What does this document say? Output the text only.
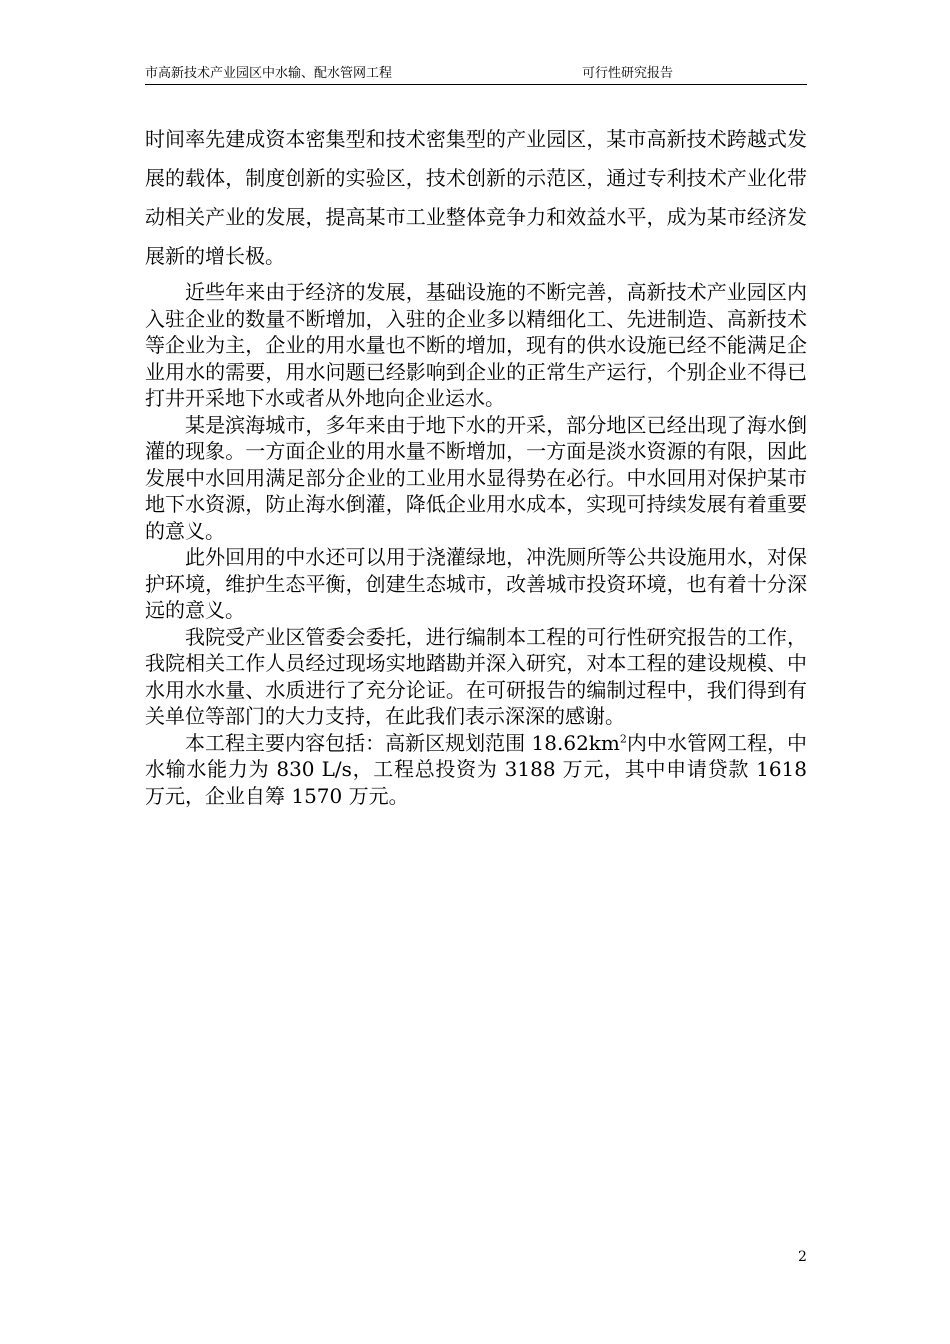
市高新技术产业园区中水输、配水管网工程	可行性研究报告

时间率先建成资本密集型和技术密集型的产业园区，某市高新技术跨越式发展的载体，制度创新的实验区，技术创新的示范区，通过专利技术产业化带动相关产业的发展，提高某市工业整体竞争力和效益水平，成为某市经济发展新的增长极。

近些年来由于经济的发展，基础设施的不断完善，高新技术产业园区内入驻企业的数量不断增加，入驻的企业多以精细化工、先进制造、高新技术等企业为主，企业的用水量也不断的增加，现有的供水设施已经不能满足企业用水的需要，用水问题已经影响到企业的正常生产运行，个别企业不得已打井开采地下水或者从外地向企业运水。

某是滨海城市，多年来由于地下水的开采，部分地区已经出现了海水倒灌的现象。一方面企业的用水量不断增加，一方面是淡水资源的有限，因此发展中水回用满足部分企业的工业用水显得势在必行。中水回用对保护某市地下水资源，防止海水倒灌，降低企业用水成本，实现可持续发展有着重要的意义。

此外回用的中水还可以用于浇灌绿地，冲洗厕所等公共设施用水，对保护环境，维护生态平衡，创建生态城市，改善城市投资环境，也有着十分深远的意义。

我院受产业区管委会委托，进行编制本工程的可行性研究报告的工作，我院相关工作人员经过现场实地踏勘并深入研究，对本工程的建设规模、中水用水水量、水质进行了充分论证。在可研报告的编制过程中，我们得到有关单位等部门的大力支持，在此我们表示深深的感谢。

本工程主要内容包括：高新区规划范围 $18.62km^2$内中水管网工程，中水输水能力为 830 L/s，工程总投资为 3188 万元，其中申请贷款 1618 万元，企业自筹 1570 万元。

2
